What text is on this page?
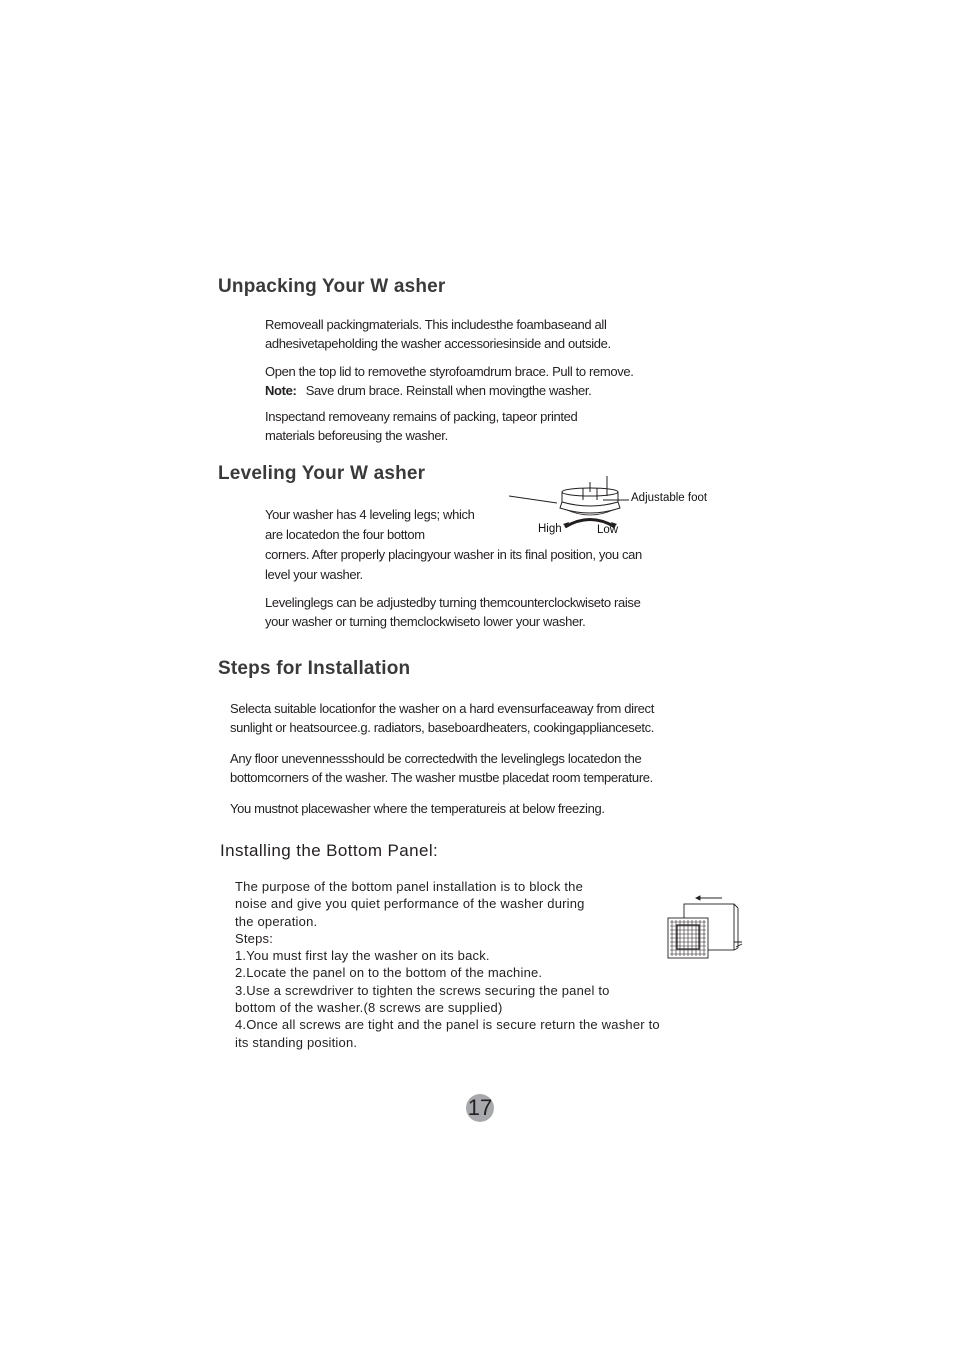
Unpacking Your W asher
Removeall packingmaterials. This includesthe foambaseand all
adhesivetapeholding the washer accessoriesinside and outside.
Open the top lid to removethe styrofoamdrum brace. Pull to remove.
Note: Save drum brace. Reinstall when movingthe washer.
Inspectand removeany remains of packing, tapeor printed
materials beforeusing the washer.
Leveling Your W asher
Adjustable foot
High	Low
Your washer has 4 leveling legs; which
are locatedon the four bottom
corners. After properly placingyour washer in its final position, you can
level your washer.
Levelinglegs can be adjustedby turning themcounterclockwiseto raise
your washer or turning themclockwiseto lower your washer.
Steps for Installation
Selecta suitable locationfor the washer on a hard evensurfaceaway from direct
sunlight or heatsourcee.g. radiators, baseboardheaters, cookingappliancesetc.
Any floor unevennessshould be correctedwith the levelinglegs locatedon the
bottomcorners of the washer. The washer mustbe placedat room temperature.
You mustnot placewasher where the temperatureis at below freezing.
Installing the Bottom Panel:
The purpose of the bottom panel installation is to block the
noise and give you quiet performance of the washer during
the operation.
Steps:
1.You must first lay the washer on its back.
2.Locate the panel on to the bottom of the machine.
3.Use a screwdriver to tighten the screws securing the panel to
bottom of the washer.(8 screws are supplied)
4.Once all screws are tight and the panel is secure return the washer to
its standing position.
17
